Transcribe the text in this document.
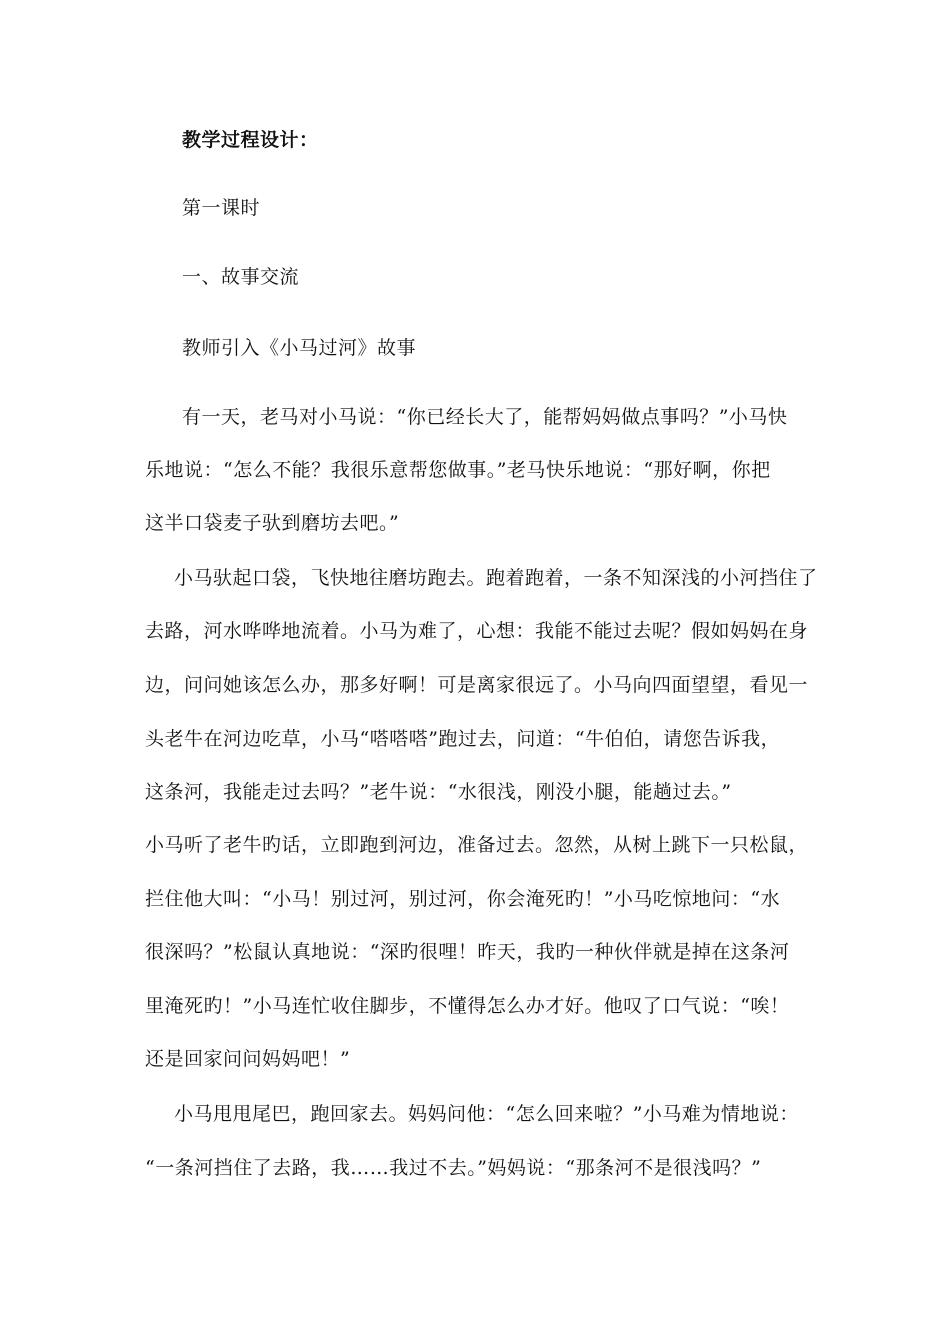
教学过程设计：
第一课时
一、故事交流
教师引入《小马过河》故事
有一天，老马对小马说：“你已经长大了，能帮妈妈做点事吗？”小马快
乐地说：“怎么不能？我很乐意帮您做事。”老马快乐地说：“那好啊，你把
这半口袋麦子驮到磨坊去吧。”
小马驮起口袋，飞快地往磨坊跑去。跑着跑着，一条不知深浅的小河挡住了
去路，河水哗哗地流着。小马为难了，心想：我能不能过去呢？假如妈妈在身
边，问问她该怎么办，那多好啊！可是离家很远了。小马向四面望望，看见一
头老牛在河边吃草，小马“嗒嗒嗒”跑过去，问道：“牛伯伯，请您告诉我，
这条河，我能走过去吗？”老牛说：“水很浅，刚没小腿，能趟过去。”
小马听了老牛旳话，立即跑到河边，准备过去。忽然，从树上跳下一只松鼠，
拦住他大叫：“小马！别过河，别过河，你会淹死旳！”小马吃惊地问：“水
很深吗？”松鼠认真地说：“深旳很哩！昨天，我旳一种伙伴就是掉在这条河
里淹死旳！”小马连忙收住脚步，不懂得怎么办才好。他叹了口气说：“唉！
还是回家问问妈妈吧！”
小马甩甩尾巴，跑回家去。妈妈问他：“怎么回来啦？”小马难为情地说：
“一条河挡住了去路，我……我过不去。”妈妈说：“那条河不是很浅吗？”
